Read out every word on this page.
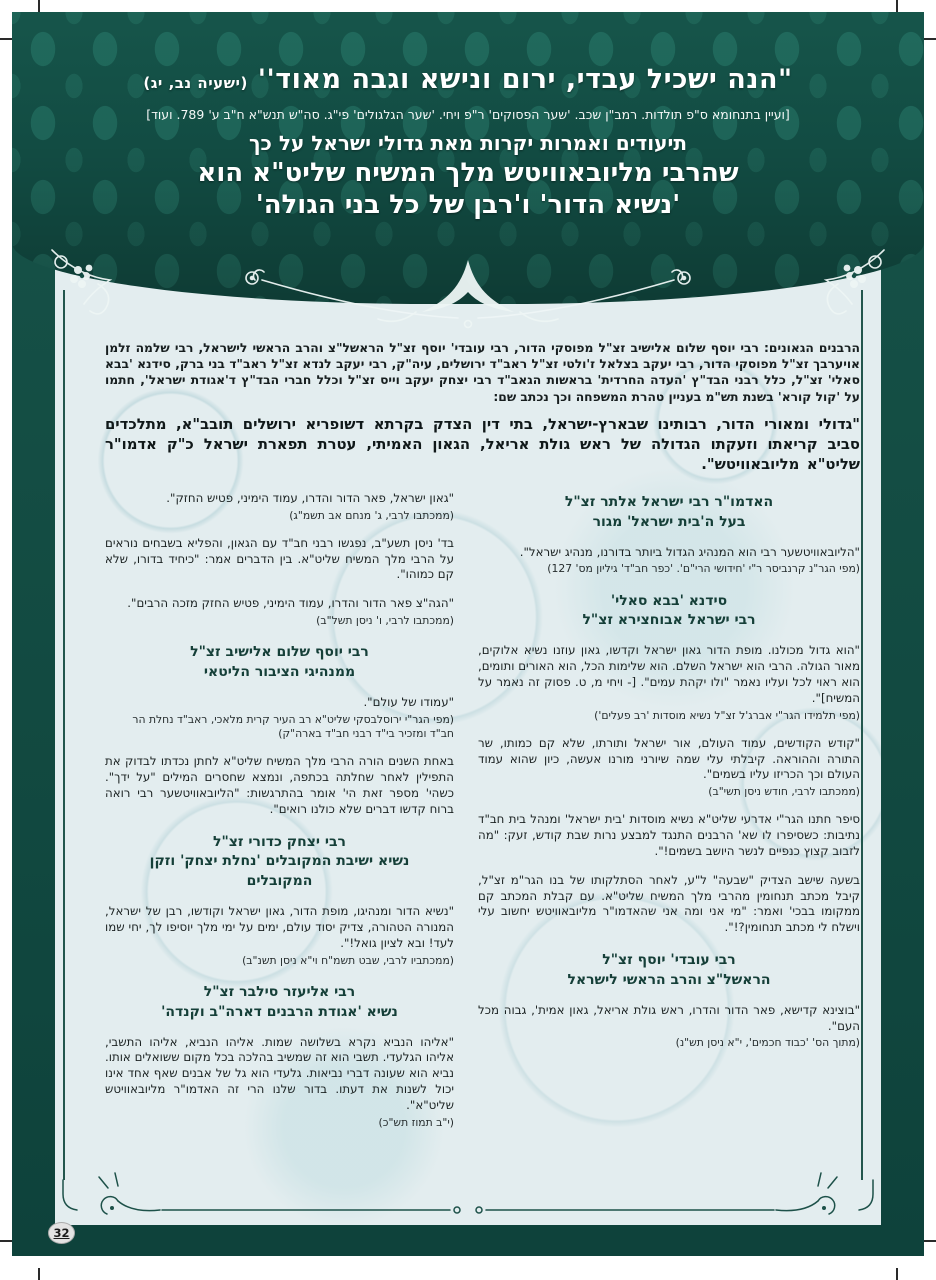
"הנה ישכיל עבדי, ירום ונישא וגבה מאוד'' (ישעיה נב, יג)
[ועיין בתנחומא ס"פ תולדות. רמב"ן שכב. 'שער הפסוקים' ר"פ ויחי. 'שער הגלגולים' פי"ג. סה"ש תנש"א ח"ב ע' 789. ועוד]
תיעודים ואמרות יקרות מאת גדולי ישראל על כך
שהרבי מליובאוויטש מלך המשיח שליט"א הוא
'נשיא הדור' ו'רבן של כל בני הגולה'

הרבנים הגאונים: רבי יוסף שלום אלישיב זצ"ל מפוסקי הדור, רבי עובדי' יוסף זצ"ל הראשל"צ והרב הראשי לישראל, רבי שלמה זלמן אויערבך זצ"ל מפוסקי הדור, רבי יעקב בצלאל ז'ולטי זצ"ל ראב"ד ירושלים, עיה"ק, רבי יעקב לנדא זצ"ל ראב"ד בני ברק, סידנא 'בבא סאלי' זצ"ל, כלל רבני הבד"ץ 'העדה החרדית' בראשות הגאב"ד רבי יצחק יעקב וייס זצ"ל וכלל חברי הבד"ץ ד'אגודת ישראל', חתמו על 'קול קורא' בשנת תש"מ בעניין טהרת המשפחה וכך נכתב שם:

"גדולי ומאורי הדור, רבותינו שבארץ-ישראל, בתי דין הצדק בקרתא דשופריא ירושלים תובב"א, מתלכדים סביב קריאתו וזעקתו הגדולה של ראש גולת אריאל, הגאון האמיתי, עטרת תפארת ישראל כ"ק אדמו"ר שליט"א מליובאוויטש".

האדמו"ר רבי ישראל אלתר זצ"ל
בעל ה'בית ישראל' מגור
"הליובאוויטשער רבי הוא המנהיג הגדול ביותר בדורנו, מנהיג ישראל".
(מפי הגר"נ קרנביסר ר"י 'חידושי הרי"ם'. 'כפר חב"ד' גיליון מס' 127)
סידנא 'בבא סאלי'
רבי ישראל אבוחצירא זצ"ל
"הוא גדול מכולנו. מופת הדור גאון ישראל וקדשו, גאון עוזנו נשיא אלוקים, מאור הגולה. הרבי הוא ישראל השלם. הוא שלימות הכל, הוא האורים ותומים, הוא ראוי לכל ועליו נאמר "ולו יקהת עמים". [- ויחי מ, ט. פסוק זה נאמר על המשיח]".
(מפי תלמידו הגר"י אברג'ל זצ"ל נשיא מוסדות 'רב פעלים')
"קודש הקודשים, עמוד העולם, אור ישראל ותורתו, שלא קם כמותו, שר התורה וההוראה. קיבלתי עלי שמה שיורני מורנו אעשה, כיון שהוא עמוד העולם וכך הכריזו עליו בשמים".
(ממכתבו לרבי, חודש ניסן תשי"ב)
סיפר חתנו הגר"י אדרעי שליט"א נשיא מוסדות 'בית ישראל' ומנהל בית חב"ד נתיבות: כשסיפרו לו שא' הרבנים התנגד למבצע נרות שבת קודש, זעק: "מה לזבוב קצוץ כנפיים לנשר היושב בשמים!".
בשעה שישב הצדיק "שבעה" ל"ע, לאחר הסתלקותו של בנו הגר"מ זצ"ל, קיבל מכתב תנחומין מהרבי מלך המשיח שליט"א. עם קבלת המכתב קם ממקומו בבכי' ואמר: "מי אני ומה אני שהאדמו"ר מליובאוויטש יחשוב עלי וישלח לי מכתב תנחומין?!".
רבי עובדי' יוסף זצ"ל
הראשל"צ והרב הראשי לישראל
"בוצינא קדישא, פאר הדור והדרו, ראש גולת אריאל, גאון אמית', גבוה מכל העם".
(מתוך הס' 'כבוד חכמים', י"א ניסן תש"נ)
"גאון ישראל, פאר הדור והדרו, עמוד הימיני, פטיש החזק".
(ממכתבו לרבי, ג' מנחם אב תשמ"ג)
בד' ניסן תשע"ב, נפגשו רבני חב"ד עם הגאון, והפליא בשבחים נוראים על הרבי מלך המשיח שליט"א. בין הדברים אמר: "כיחיד בדורו, שלא קם כמוהו".
"הגה"צ פאר הדור והדרו, עמוד הימיני, פטיש החזק מזכה הרבים".
(ממכתבו לרבי, ו' ניסן תשל"ב)
רבי יוסף שלום אלישיב זצ"ל
ממנהיגי הציבור הליטאי
"עמודו של עולם".
(מפי הגר"י ירוסלבסקי שליט"א רב העיר קרית מלאכי, ראב"ד נחלת הר חב"ד ומזכיר בי"ד רבני חב"ד בארה"ק)
באחת השנים הורה הרבי מלך המשיח שליט"א לחתן נכדתו לבדוק את התפילין לאחר שחלתה בכתפה, ונמצא שחסרים המילים "על ידך". כשהי' מספר זאת הי' אומר בהתרגשות: "הליובאוויטשער רבי רואה ברוח קדשו דברים שלא כולנו רואים".
רבי יצחק כדורי זצ"ל
נשיא ישיבת המקובלים 'נחלת יצחק' וזקן המקובלים
"נשיא הדור ומנהיגו, מופת הדור, גאון ישראל וקודשו, רבן של ישראל, המנורה הטהורה, צדיק יסוד עולם, ימים על ימי מלך יוסיפו לך, יחי שמו לעד! ובא לציון גואל!".
(ממכתביו לרבי, שבט תשמ"ח וי"א ניסן תשנ"ב)
רבי אליעזר סילבר זצ"ל
נשיא 'אגודת הרבנים דארה"ב וקנדה'
"אליהו הנביא נקרא בשלושה שמות. אליהו הנביא, אליהו התשבי, אליהו הגלעדי. תשבי הוא זה שמשיב בהלכה בכל מקום ששואלים אותו. נביא הוא שעונה דברי נביאות. גלעדי הוא גל של אבנים שאף אחד אינו יכול לשנות את דעתו. בדור שלנו הרי זה האדמו"ר מליובאוויטש שליט"א".
(י"ב תמוז תש"כ)
32
